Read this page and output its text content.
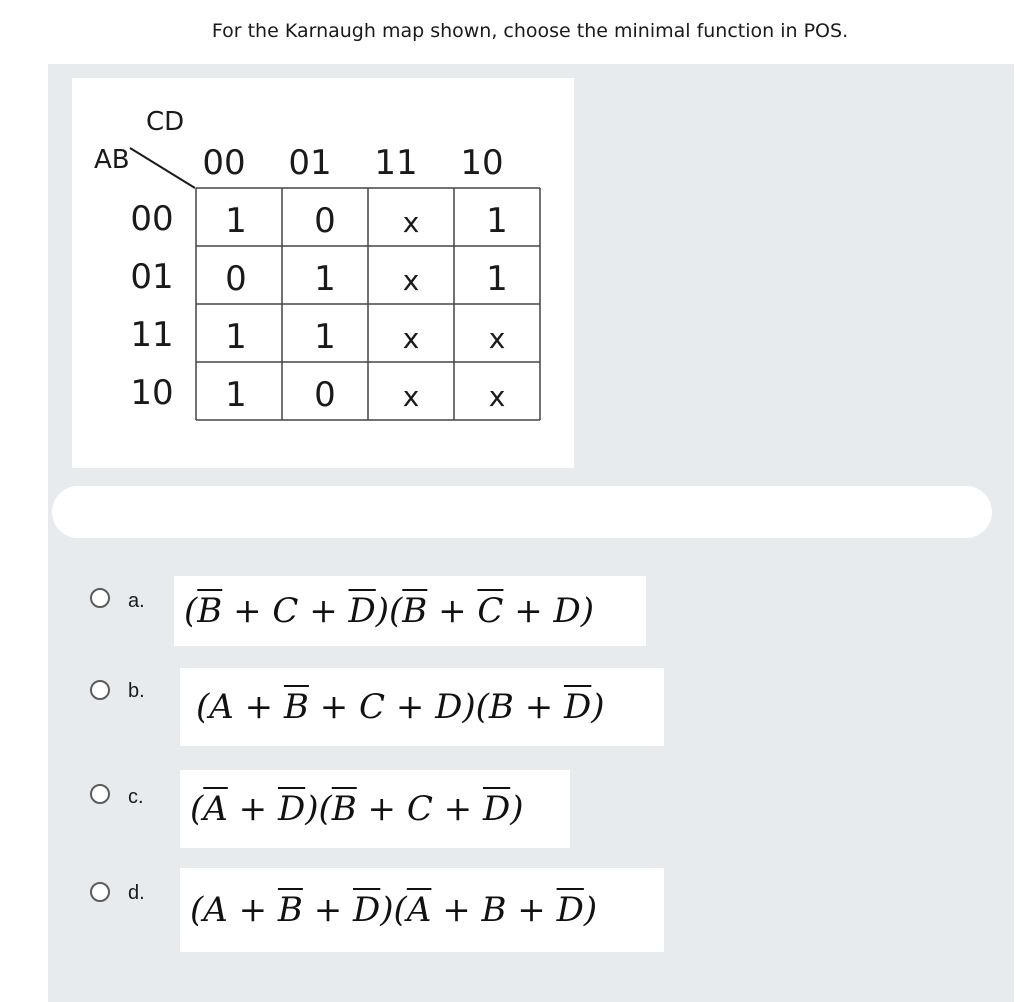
For the Karnaugh map shown, choose the minimal function in POS.
CD
AB 00 01 11 10
00
01
11
10
1 0 x 1
0 1 x 1
1 1 x x
1 0 x x
a. $(\overline{B} + C + \overline{D})(\overline{B} + \overline{C} + D)$
b.	$(A + \overline{B} + C + D)(B + \overline{D})$
c. $(\overline{A} + \overline{D})(\overline{B} + C + \overline{D})$
d. $(A + \overline{B} + \overline{D})(\overline{A} + B + \overline{D})$
